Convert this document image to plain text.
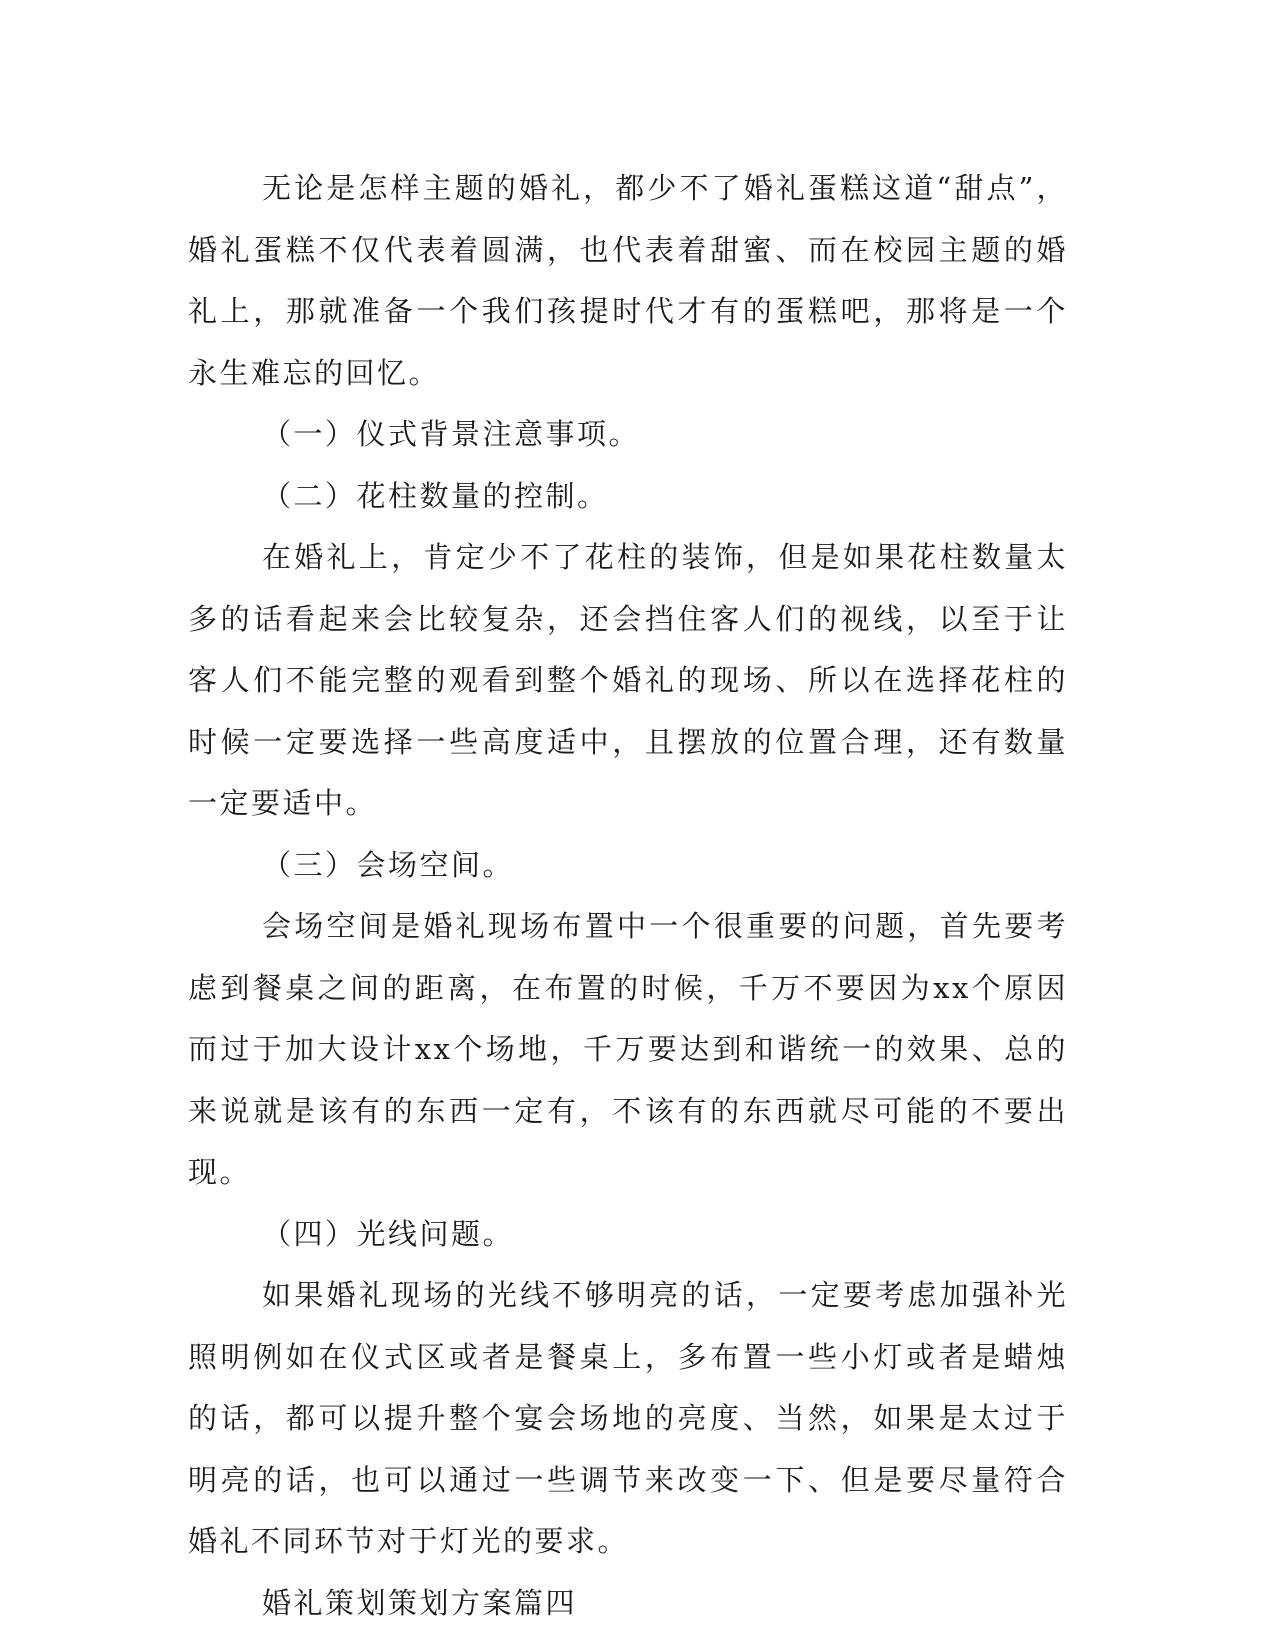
无论是怎样主题的婚礼，都少不了婚礼蛋糕这道“甜点”，婚礼蛋糕不仅代表着圆满，也代表着甜蜜、而在校园主题的婚礼上，那就准备一个我们孩提时代才有的蛋糕吧，那将是一个永生难忘的回忆。

（一）仪式背景注意事项。

（二）花柱数量的控制。

在婚礼上，肯定少不了花柱的装饰，但是如果花柱数量太多的话看起来会比较复杂，还会挡住客人们的视线，以至于让客人们不能完整的观看到整个婚礼的现场、所以在选择花柱的时候一定要选择一些高度适中，且摆放的位置合理，还有数量一定要适中。

（三）会场空间。

会场空间是婚礼现场布置中一个很重要的问题，首先要考虑到餐桌之间的距离，在布置的时候，千万不要因为xx个原因而过于加大设计xx个场地，千万要达到和谐统一的效果、总的来说就是该有的东西一定有，不该有的东西就尽可能的不要出现。

（四）光线问题。

如果婚礼现场的光线不够明亮的话，一定要考虑加强补光照明例如在仪式区或者是餐桌上，多布置一些小灯或者是蜡烛的话，都可以提升整个宴会场地的亮度、当然，如果是太过于明亮的话，也可以通过一些调节来改变一下、但是要尽量符合婚礼不同环节对于灯光的要求。

婚礼策划策划方案篇四
